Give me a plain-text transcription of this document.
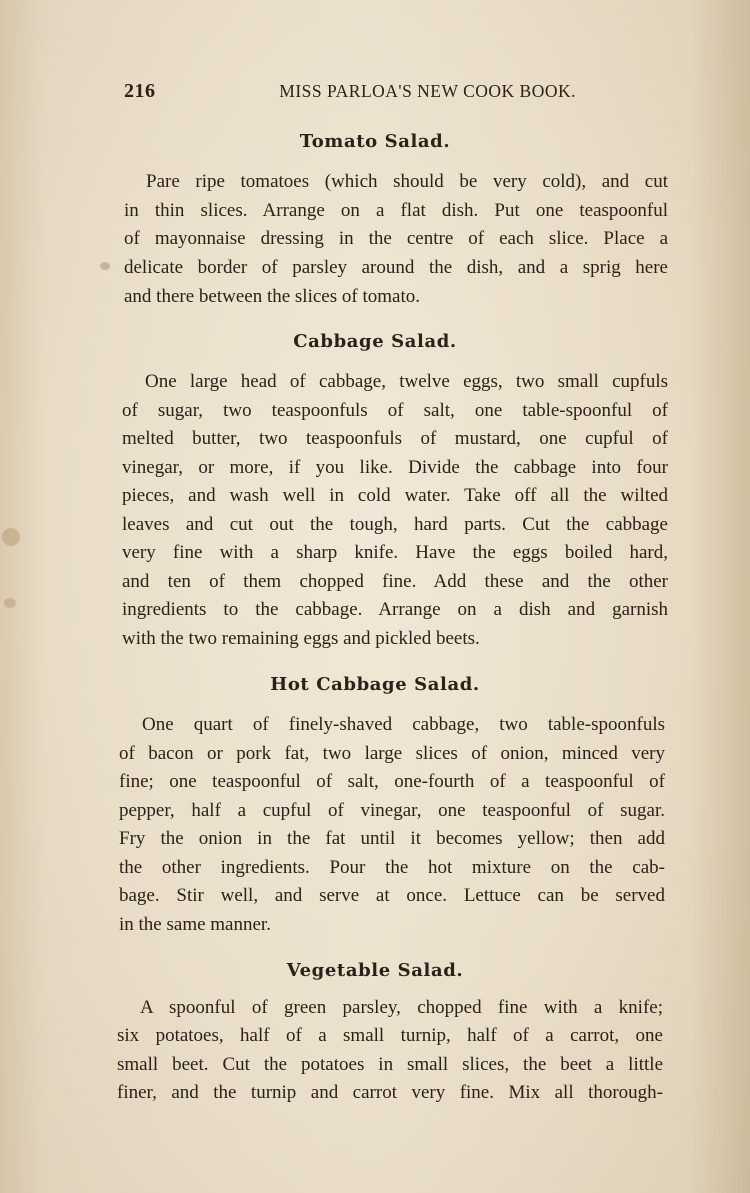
216	MISS PARLOA'S NEW COOK BOOK.
Tomato Salad.
Pare ripe tomatoes (which should be very cold), and cut
in thin slices. Arrange on a flat dish. Put one teaspoonful
of mayonnaise dressing in the centre of each slice. Place a
delicate border of parsley around the dish, and a sprig here
and there between the slices of tomato.
Cabbage Salad.
One large head of cabbage, twelve eggs, two small cupfuls
of sugar, two teaspoonfuls of salt, one table-spoonful of
melted butter, two teaspoonfuls of mustard, one cupful of
vinegar, or more, if you like. Divide the cabbage into four
pieces, and wash well in cold water. Take off all the wilted
leaves and cut out the tough, hard parts. Cut the cabbage
very fine with a sharp knife. Have the eggs boiled hard,
and ten of them chopped fine. Add these and the other
ingredients to the cabbage. Arrange on a dish and garnish
with the two remaining eggs and pickled beets.
Hot Cabbage Salad.
One quart of finely-shaved cabbage, two table-spoonfuls
of bacon or pork fat, two large slices of onion, minced very
fine; one teaspoonful of salt, one-fourth of a teaspoonful of
pepper, half a cupful of vinegar, one teaspoonful of sugar.
Fry the onion in the fat until it becomes yellow; then add
the other ingredients. Pour the hot mixture on the cab-
bage. Stir well, and serve at once. Lettuce can be served
in the same manner.
Vegetable Salad.
A spoonful of green parsley, chopped fine with a knife;
six potatoes, half of a small turnip, half of a carrot, one
small beet. Cut the potatoes in small slices, the beet a little
finer, and the turnip and carrot very fine. Mix all thorough-
